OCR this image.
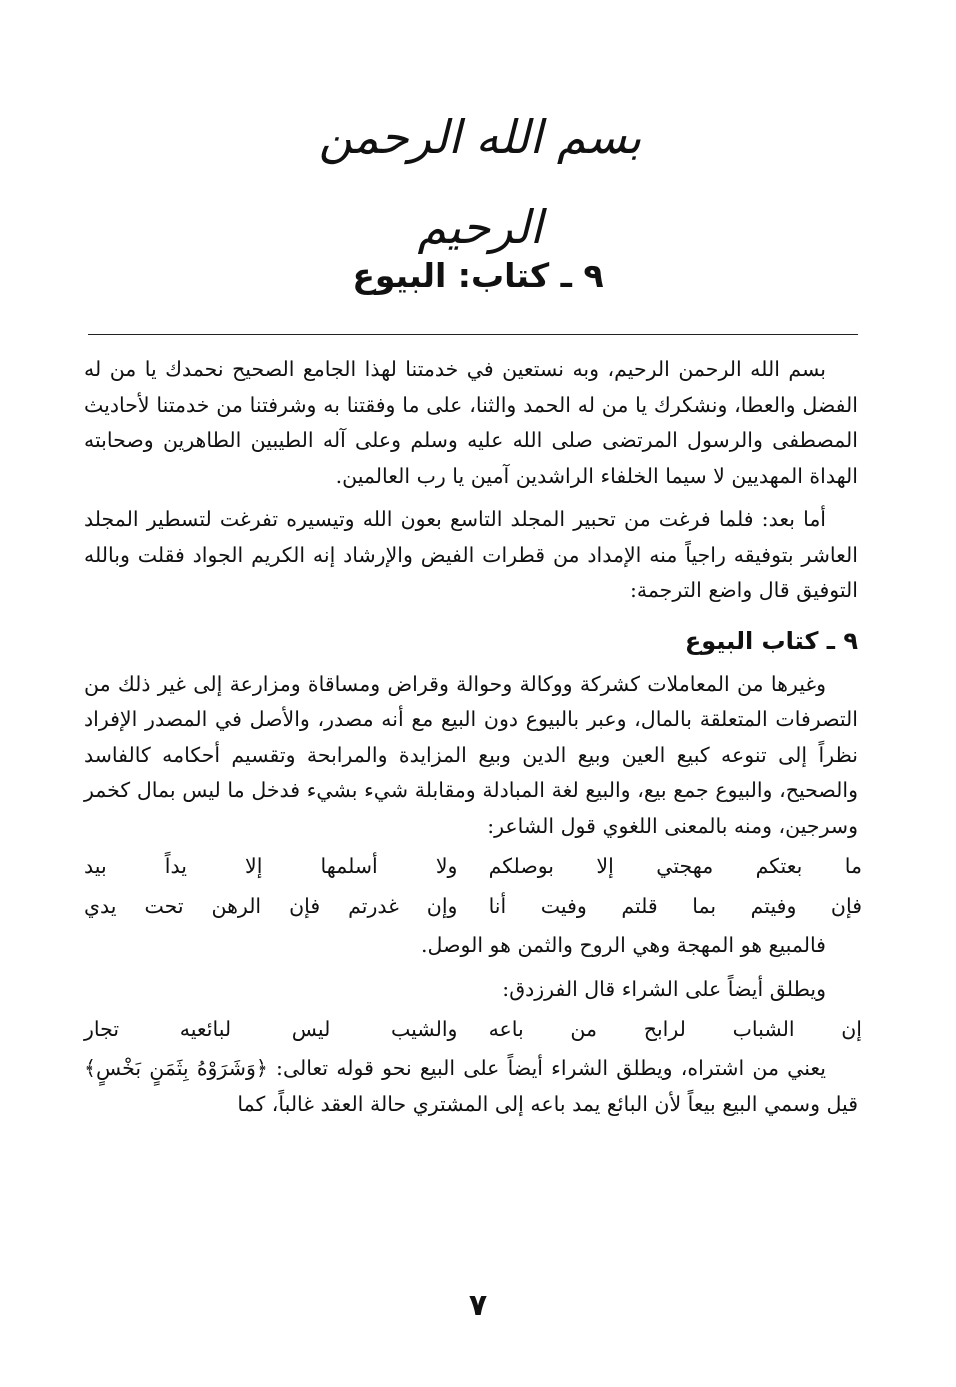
بسم الله الرحمن الرحيم
٩ ـ كتاب: البيوع

بسم الله الرحمن الرحيم، وبه نستعين في خدمتنا لهذا الجامع الصحيح نحمدك يا من له الفضل والعطا، ونشكرك يا من له الحمد والثنا، على ما وفقتنا به وشرفتنا من خدمتنا لأحاديث المصطفى والرسول المرتضى صلى الله عليه وسلم وعلى آله الطيبين الطاهرين وصحابته الهداة المهديين لا سيما الخلفاء الراشدين آمين يا رب العالمين.

أما بعد: فلما فرغت من تحبير المجلد التاسع بعون الله وتيسيره تفرغت لتسطير المجلد العاشر بتوفيقه راجياً منه الإمداد من قطرات الفيض والإرشاد إنه الكريم الجواد فقلت وبالله التوفيق قال واضع الترجمة:

٩ ـ كتاب البيوع

وغيرها من المعاملات كشركة ووكالة وحوالة وقراض ومساقاة ومزارعة إلى غير ذلك من التصرفات المتعلقة بالمال، وعبر بالبيوع دون البيع مع أنه مصدر، والأصل في المصدر الإفراد نظراً إلى تنوعه كبيع العين وبيع الدين وبيع المزايدة والمرابحة وتقسيم أحكامه كالفاسد والصحيح، والبيوع جمع بيع، والبيع لغة المبادلة ومقابلة شيء بشيء فدخل ما ليس بمال كخمر وسرجين، ومنه بالمعنى اللغوي قول الشاعر:

ما بعتكم مهجتي إلا بوصلكم
ولا أسلمها إلا يداً بيد
فإن وفيتم بما قلتم وفيت أنا
وإن غدرتم فإن الرهن تحت يدي

فالمبيع هو المهجة وهي الروح والثمن هو الوصل.

ويطلق أيضاً على الشراء قال الفرزدق:

إن الشباب لرابح من باعه
والشيب ليس لبائعيه تجار

يعني من اشتراه، ويطلق الشراء أيضاً على البيع نحو قوله تعالى: ﴿وَشَرَوْهُ بِثَمَنٍ بَخْسٍ﴾ قيل وسمي البيع بيعاً لأن البائع يمد باعه إلى المشتري حالة العقد غالباً، كما

٧
